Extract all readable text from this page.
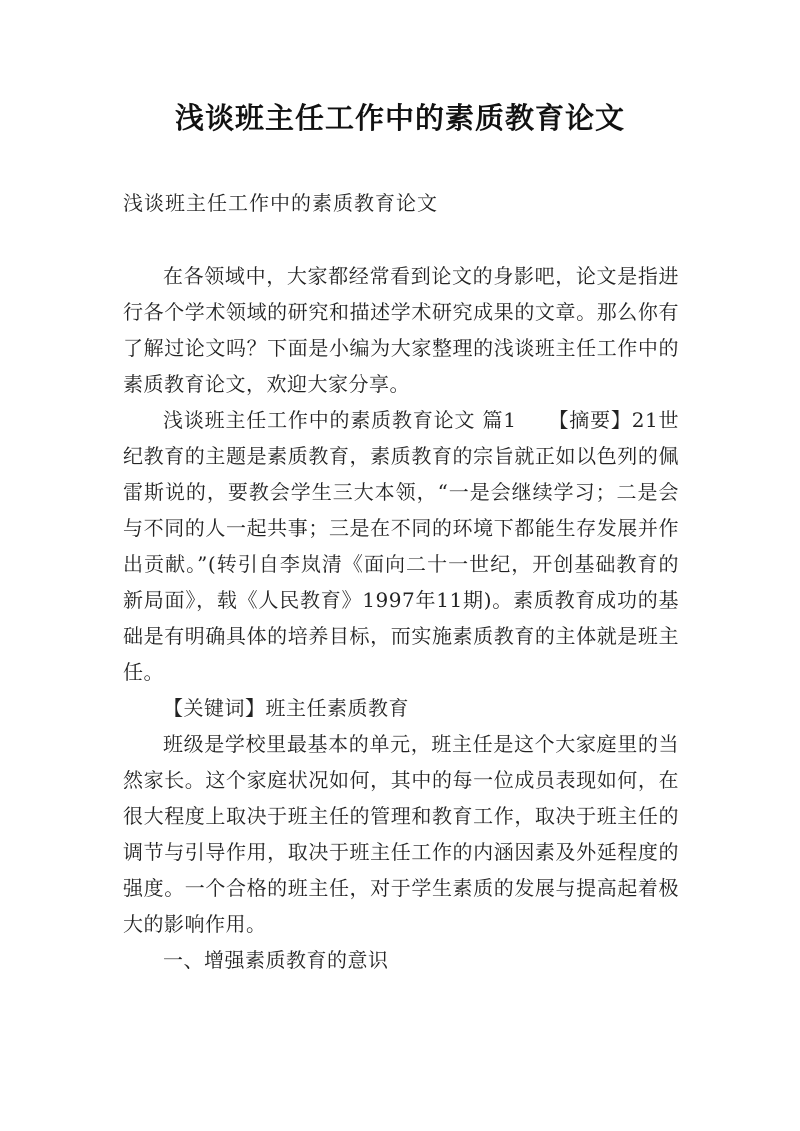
浅谈班主任工作中的素质教育论文
浅谈班主任工作中的素质教育论文

在各领域中，大家都经常看到论文的身影吧，论文是指进行各个学术领域的研究和描述学术研究成果的文章。那么你有了解过论文吗？下面是小编为大家整理的浅谈班主任工作中的素质教育论文，欢迎大家分享。

浅谈班主任工作中的素质教育论文 篇1　　【摘要】21世纪教育的主题是素质教育，素质教育的宗旨就正如以色列的佩雷斯说的，要教会学生三大本领，“一是会继续学习；二是会与不同的人一起共事；三是在不同的环境下都能生存发展并作出贡献。”(转引自李岚清《面向二十一世纪，开创基础教育的新局面》，载《人民教育》1997年11期)。素质教育成功的基础是有明确具体的培养目标，而实施素质教育的主体就是班主任。

【关键词】班主任素质教育

班级是学校里最基本的单元，班主任是这个大家庭里的当然家长。这个家庭状况如何，其中的每一位成员表现如何，在很大程度上取决于班主任的管理和教育工作，取决于班主任的调节与引导作用，取决于班主任工作的内涵因素及外延程度的强度。一个合格的班主任，对于学生素质的发展与提高起着极大的影响作用。

一、增强素质教育的意识
